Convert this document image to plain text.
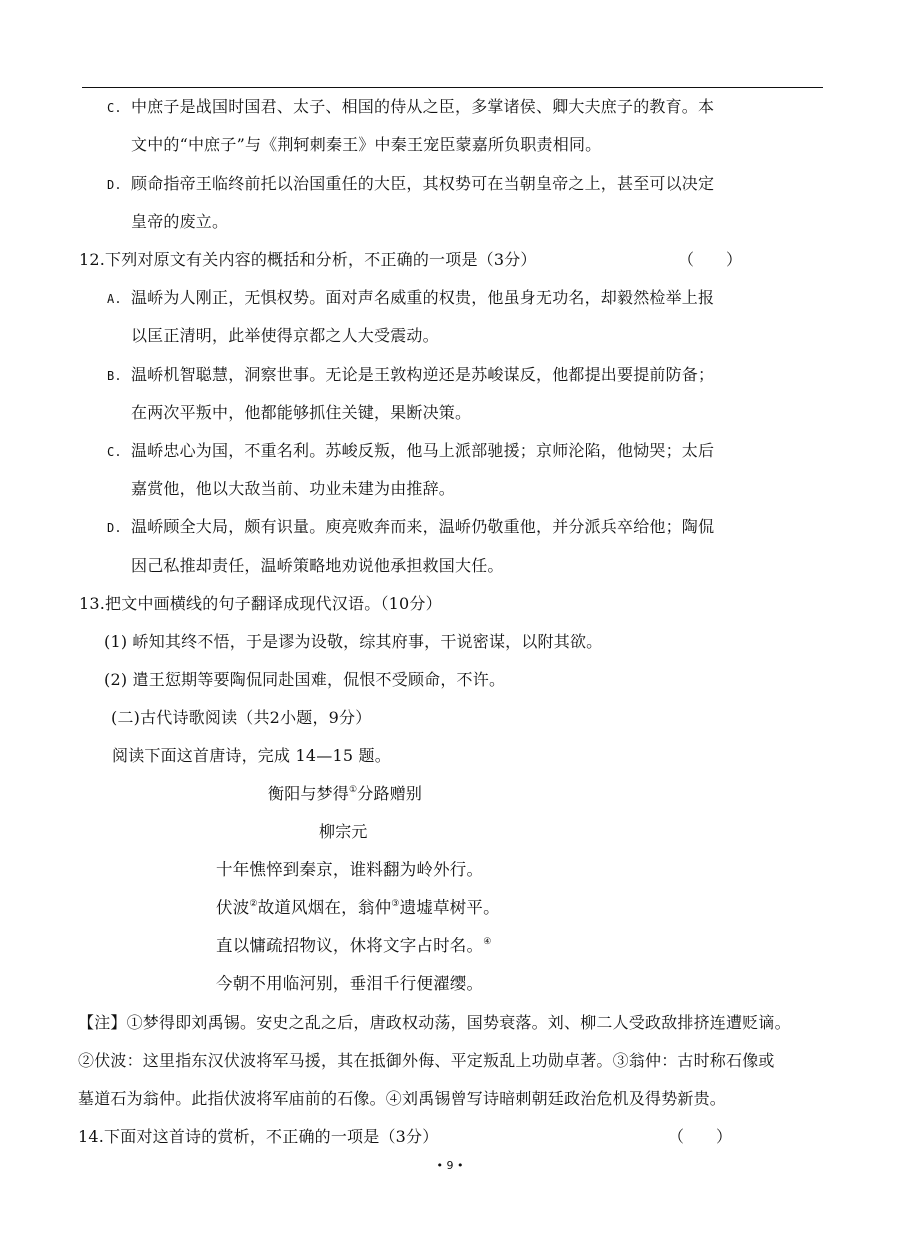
C. 中庶子是战国时国君、太子、相国的侍从之臣，多掌诸侯、卿大夫庶子的教育。本
文中的“中庶子”与《荆轲刺秦王》中秦王宠臣蒙嘉所负职责相同。
D. 顾命指帝王临终前托以治国重任的大臣，其权势可在当朝皇帝之上，甚至可以决定
皇帝的废立。
12.下列对原文有关内容的概括和分析，不正确的一项是（3分）	（　　）
A. 温峤为人刚正，无惧权势。面对声名威重的权贵，他虽身无功名，却毅然检举上报
以匡正清明，此举使得京都之人大受震动。
B. 温峤机智聪慧，洞察世事。无论是王敦构逆还是苏峻谋反，他都提出要提前防备；
在两次平叛中，他都能够抓住关键，果断决策。
C. 温峤忠心为国，不重名利。苏峻反叛，他马上派部驰援；京师沦陷，他恸哭；太后
嘉赏他，他以大敌当前、功业未建为由推辞。
D. 温峤顾全大局，颇有识量。庾亮败奔而来，温峤仍敬重他，并分派兵卒给他；陶侃
因己私推却责任，温峤策略地劝说他承担救国大任。
13.把文中画横线的句子翻译成现代汉语。（10分）
(1) 峤知其终不悟，于是谬为设敬，综其府事，干说密谋，以附其欲。
(2) 遣王愆期等要陶侃同赴国难，侃恨不受顾命，不许。
(二)古代诗歌阅读（共2小题，9分）
阅读下面这首唐诗，完成 14—15 题。
衡阳与梦得①分路赠别
柳宗元
十年憔悴到秦京，谁料翻为岭外行。
伏波②故道风烟在，翁仲③遗墟草树平。
直以慵疏招物议，休将文字占时名。④
今朝不用临河别，垂泪千行便濯缨。
【注】①梦得即刘禹锡。安史之乱之后，唐政权动荡，国势衰落。刘、柳二人受政敌排挤连遭贬谪。
②伏波：这里指东汉伏波将军马援，其在抵御外侮、平定叛乱上功勋卓著。③翁仲：古时称石像或
墓道石为翁仲。此指伏波将军庙前的石像。④刘禹锡曾写诗暗刺朝廷政治危机及得势新贵。
14.下面对这首诗的赏析，不正确的一项是（3分）	（　　）
• 9 •
